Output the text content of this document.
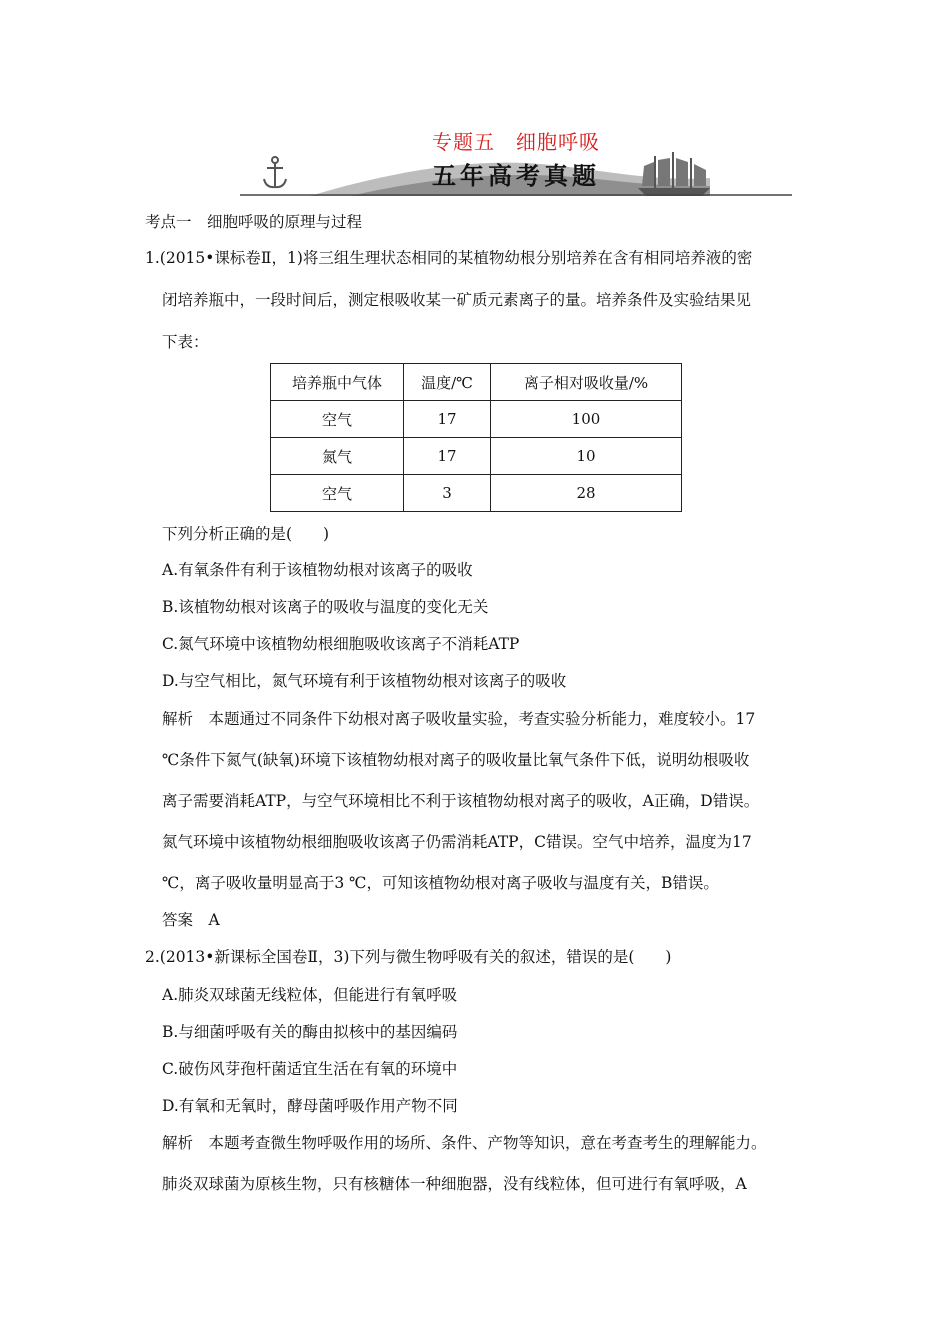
专题五　细胞呼吸
五年高考真题
考点一　细胞呼吸的原理与过程
1.(2015•课标卷Ⅱ，1)将三组生理状态相同的某植物幼根分别培养在含有相同培养液的密
闭培养瓶中，一段时间后，测定根吸收某一矿质元素离子的量。培养条件及实验结果见
下表：
培养瓶中气体	温度/℃	离子相对吸收量/%
空气	17	100
氮气	17	10
空气	3	28
下列分析正确的是(　　)
A.有氧条件有利于该植物幼根对该离子的吸收
B.该植物幼根对该离子的吸收与温度的变化无关
C.氮气环境中该植物幼根细胞吸收该离子不消耗ATP
D.与空气相比，氮气环境有利于该植物幼根对该离子的吸收
解析　本题通过不同条件下幼根对离子吸收量实验，考查实验分析能力，难度较小。17
℃条件下氮气(缺氧)环境下该植物幼根对离子的吸收量比氧气条件下低，说明幼根吸收
离子需要消耗ATP，与空气环境相比不利于该植物幼根对离子的吸收，A正确，D错误。
氮气环境中该植物幼根细胞吸收该离子仍需消耗ATP，C错误。空气中培养，温度为17
℃，离子吸收量明显高于3 ℃，可知该植物幼根对离子吸收与温度有关，B错误。
答案　A
2.(2013•新课标全国卷Ⅱ，3)下列与微生物呼吸有关的叙述，错误的是(　　)
A.肺炎双球菌无线粒体，但能进行有氧呼吸
B.与细菌呼吸有关的酶由拟核中的基因编码
C.破伤风芽孢杆菌适宜生活在有氧的环境中
D.有氧和无氧时，酵母菌呼吸作用产物不同
解析　本题考查微生物呼吸作用的场所、条件、产物等知识，意在考查考生的理解能力。
肺炎双球菌为原核生物，只有核糖体一种细胞器，没有线粒体，但可进行有氧呼吸，A
